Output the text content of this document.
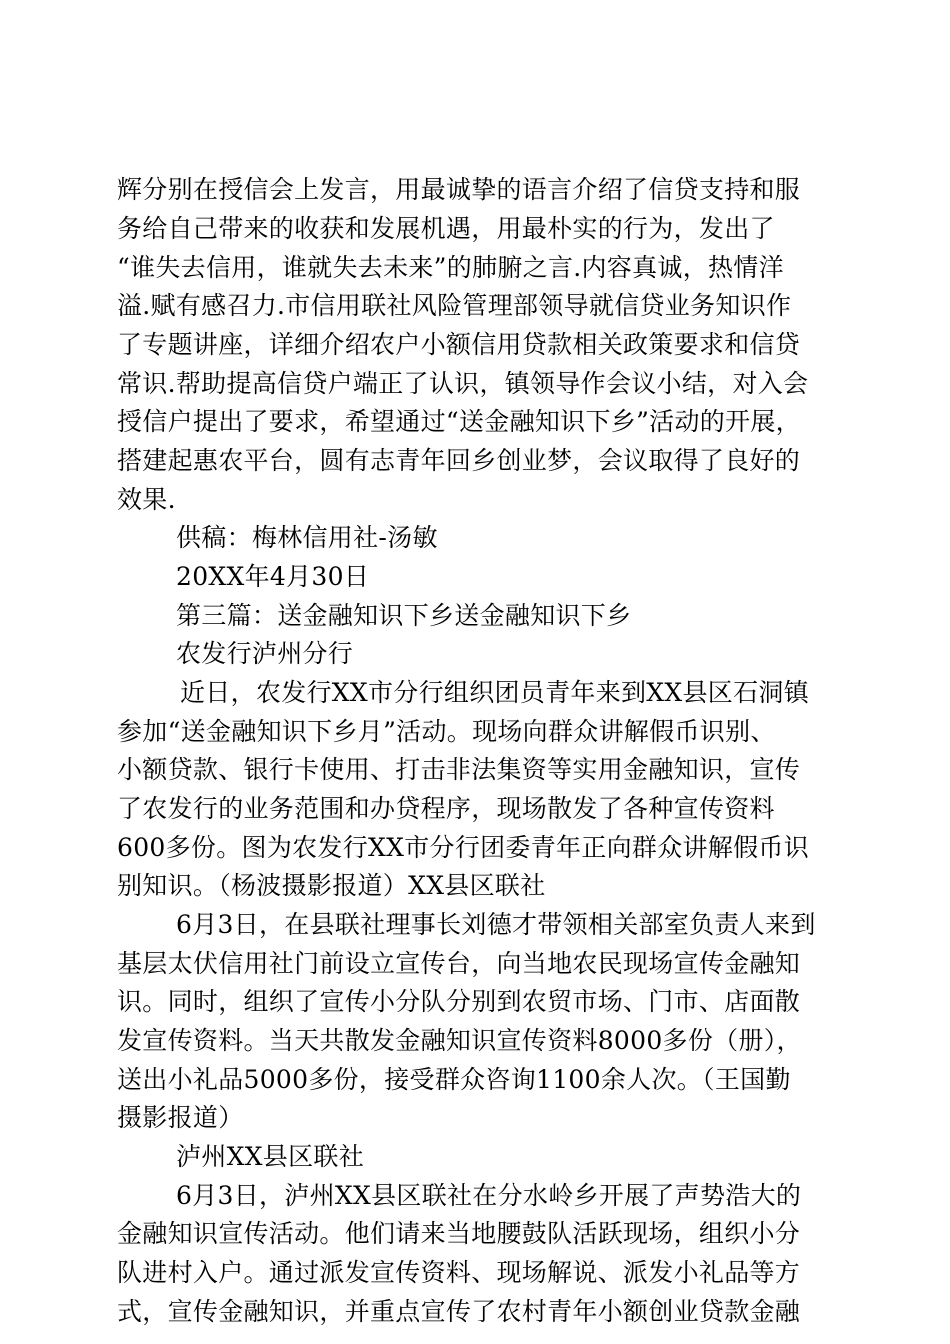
辉分别在授信会上发言，用最诚挚的语言介绍了信贷支持和服
务给自己带来的收获和发展机遇，用最朴实的行为，发出了
“谁失去信用，谁就失去未来”的肺腑之言.内容真诚，热情洋
溢.赋有感召力.市信用联社风险管理部领导就信贷业务知识作
了专题讲座，详细介绍农户小额信用贷款相关政策要求和信贷
常识.帮助提高信贷户端正了认识，镇领导作会议小结，对入会
授信户提出了要求，希望通过“送金融知识下乡”活动的开展，
搭建起惠农平台，圆有志青年回乡创业梦，会议取得了良好的
效果.
供稿：梅林信用社-汤敏
20XX年4月30日
第三篇：送金融知识下乡送金融知识下乡
农发行泸州分行
近日，农发行XX市分行组织团员青年来到XX县区石洞镇
参加“送金融知识下乡月”活动。现场向群众讲解假币识别、
小额贷款、银行卡使用、打击非法集资等实用金融知识，宣传
了农发行的业务范围和办贷程序，现场散发了各种宣传资料
600多份。图为农发行XX市分行团委青年正向群众讲解假币识
别知识。（杨波摄影报道）XX县区联社
6月3日，在县联社理事长刘德才带领相关部室负责人来到
基层太伏信用社门前设立宣传台，向当地农民现场宣传金融知
识。同时，组织了宣传小分队分别到农贸市场、门市、店面散
发宣传资料。当天共散发金融知识宣传资料8000多份（册），
送出小礼品5000多份，接受群众咨询1100余人次。（王国勤
摄影报道）
泸州XX县区联社
6月3日，泸州XX县区联社在分水岭乡开展了声势浩大的
金融知识宣传活动。他们请来当地腰鼓队活跃现场，组织小分
队进村入户。通过派发宣传资料、现场解说、派发小礼品等方
式，宣传金融知识，并重点宣传了农村青年小额创业贷款金融
